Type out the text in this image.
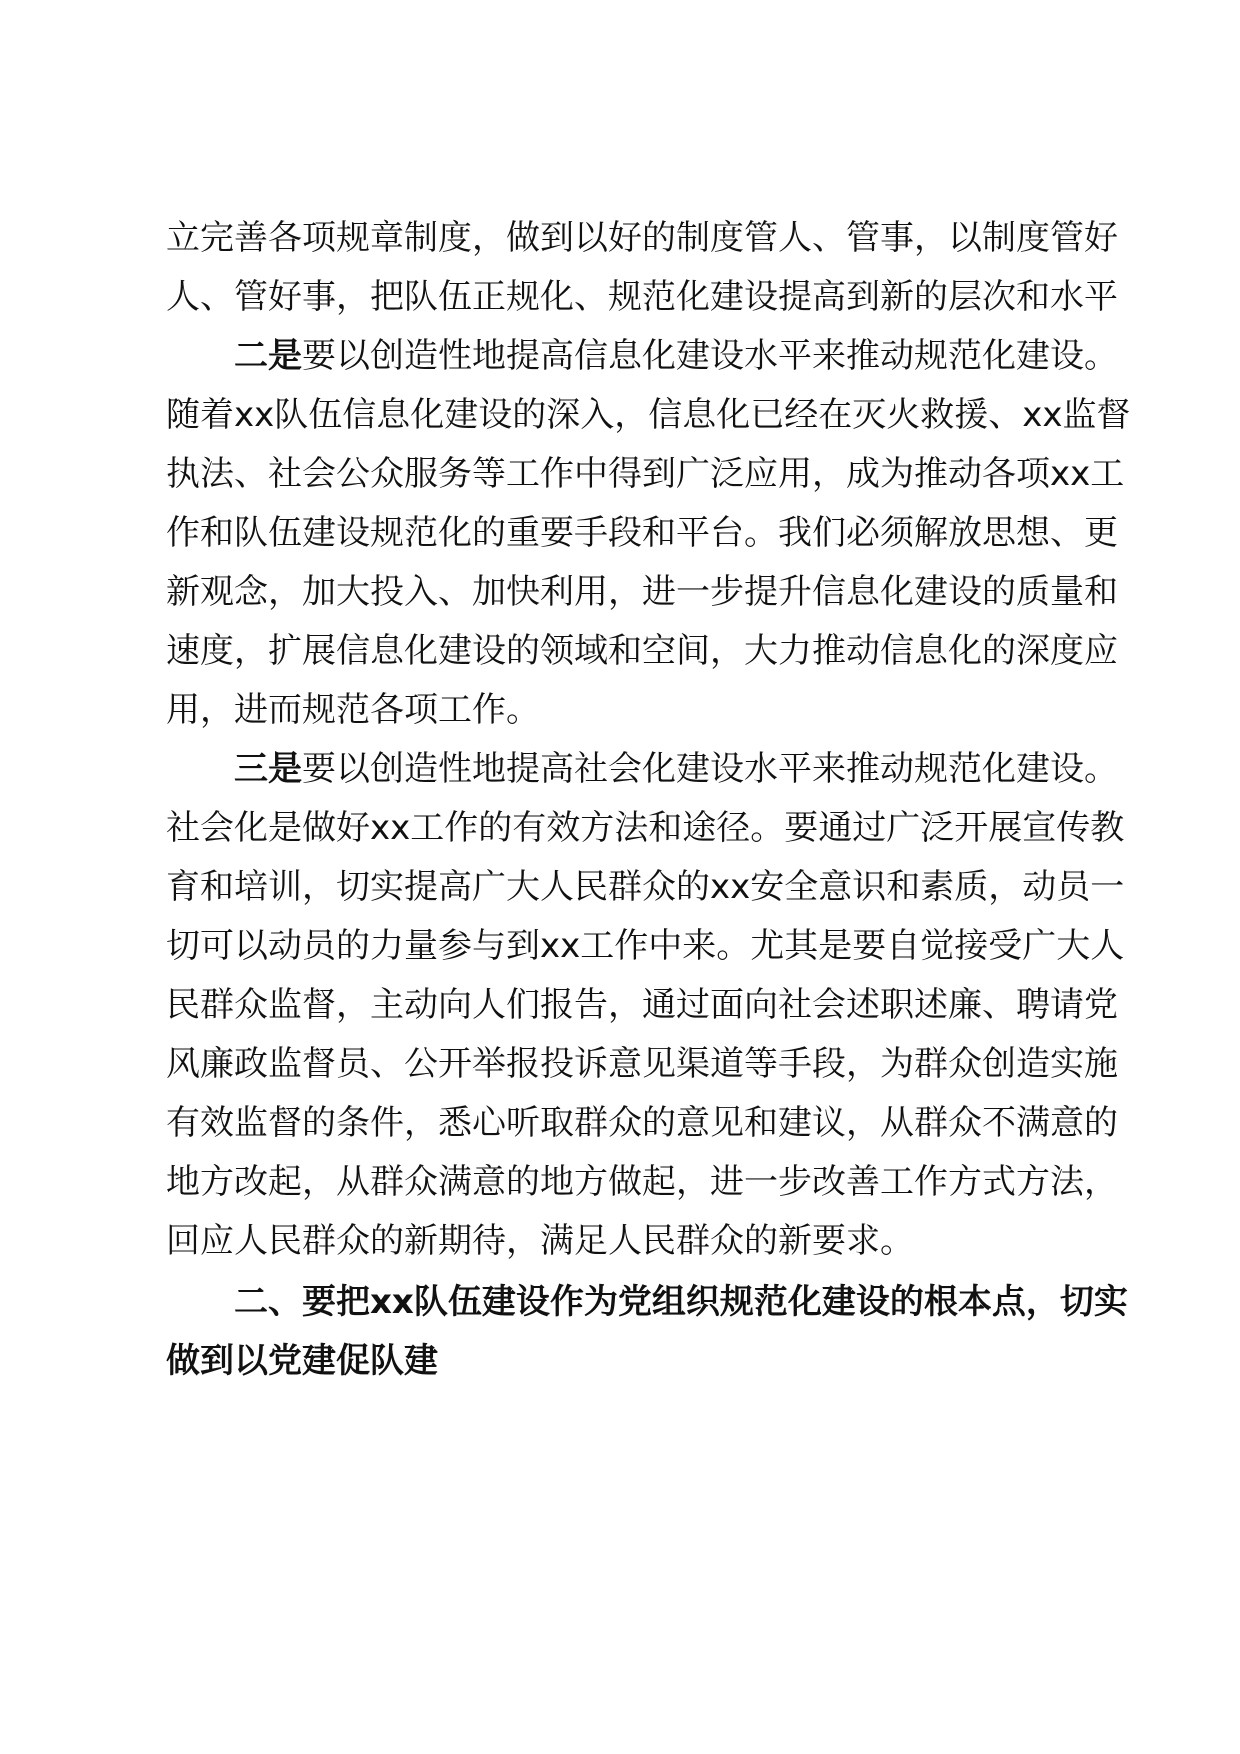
立完善各项规章制度，做到以好的制度管人、管事，以制度管好
人、管好事，把队伍正规化、规范化建设提高到新的层次和水平
二是要以创造性地提高信息化建设水平来推动规范化建设。
随着xx队伍信息化建设的深入，信息化已经在灭火救援、xx监督
执法、社会公众服务等工作中得到广泛应用，成为推动各项xx工
作和队伍建设规范化的重要手段和平台。我们必须解放思想、更
新观念，加大投入、加快利用，进一步提升信息化建设的质量和
速度，扩展信息化建设的领域和空间，大力推动信息化的深度应
用，进而规范各项工作。
三是要以创造性地提高社会化建设水平来推动规范化建设。
社会化是做好xx工作的有效方法和途径。要通过广泛开展宣传教
育和培训，切实提高广大人民群众的xx安全意识和素质，动员一
切可以动员的力量参与到xx工作中来。尤其是要自觉接受广大人
民群众监督，主动向人们报告，通过面向社会述职述廉、聘请党
风廉政监督员、公开举报投诉意见渠道等手段，为群众创造实施
有效监督的条件，悉心听取群众的意见和建议，从群众不满意的
地方改起，从群众满意的地方做起，进一步改善工作方式方法，
回应人民群众的新期待，满足人民群众的新要求。
二、要把xx队伍建设作为党组织规范化建设的根本点，切实
做到以党建促队建
